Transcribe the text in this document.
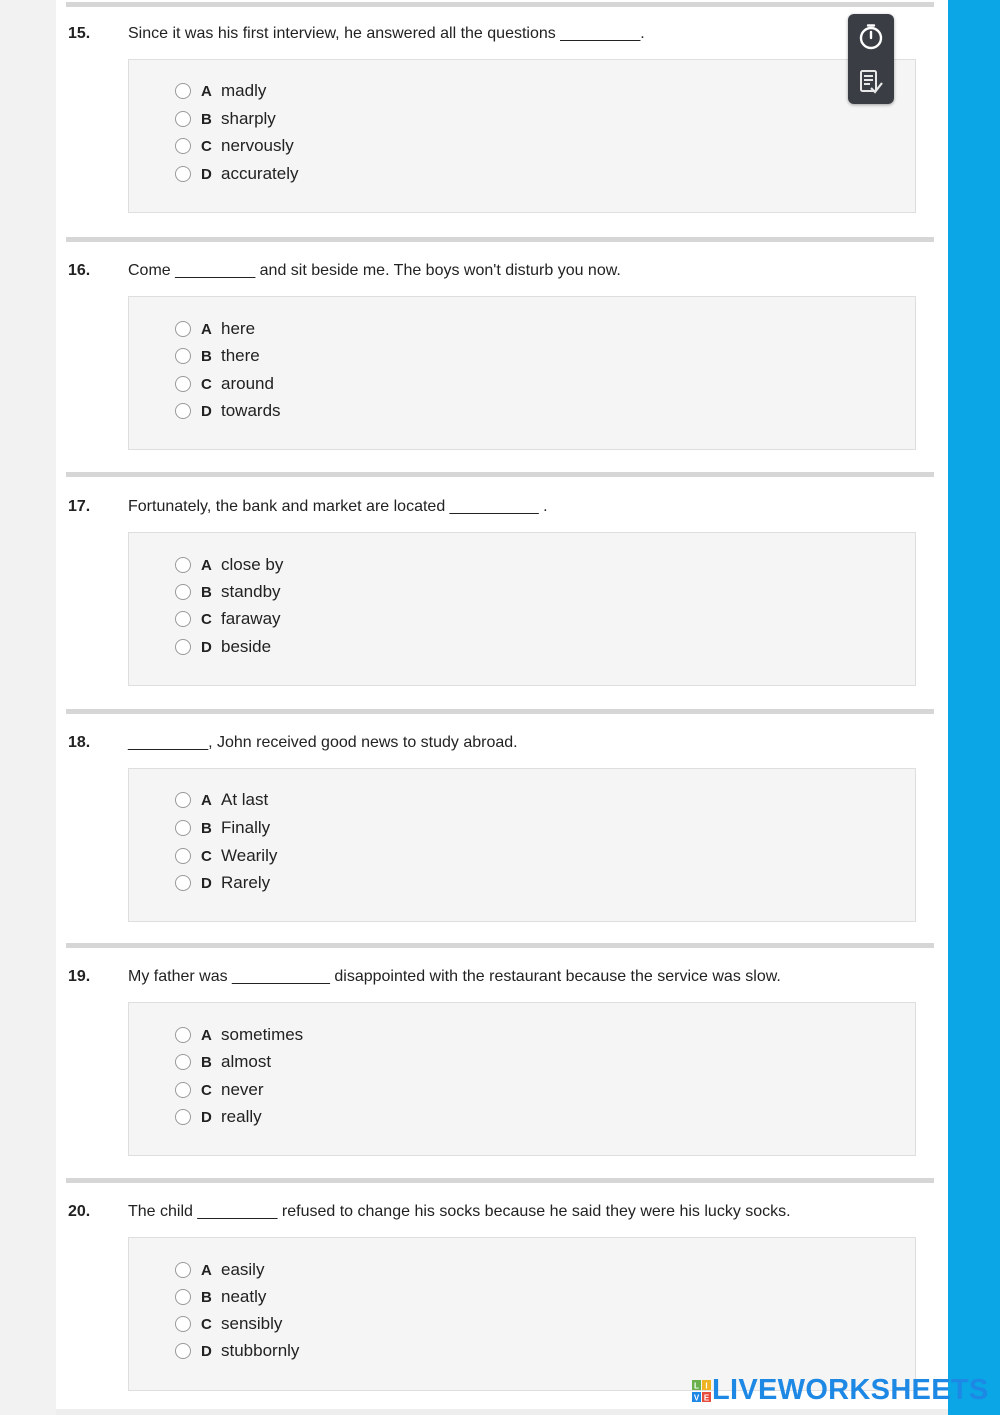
15. Since it was his first interview, he answered all the questions _________.
A madly
B sharply
C nervously
D accurately
16. Come _________ and sit beside me. The boys won't disturb you now.
A here
B there
C around
D towards
17. Fortunately, the bank and market are located __________ .
A close by
B standby
C faraway
D beside
18. _________, John received good news to study abroad.
A At last
B Finally
C Wearily
D Rarely
19. My father was ___________ disappointed with the restaurant because the service was slow.
A sometimes
B almost
C never
D really
20. The child _________ refused to change his socks because he said they were his lucky socks.
A easily
B neatly
C sensibly
D stubbornly
L I
V E LIVEWORKSHEETS
